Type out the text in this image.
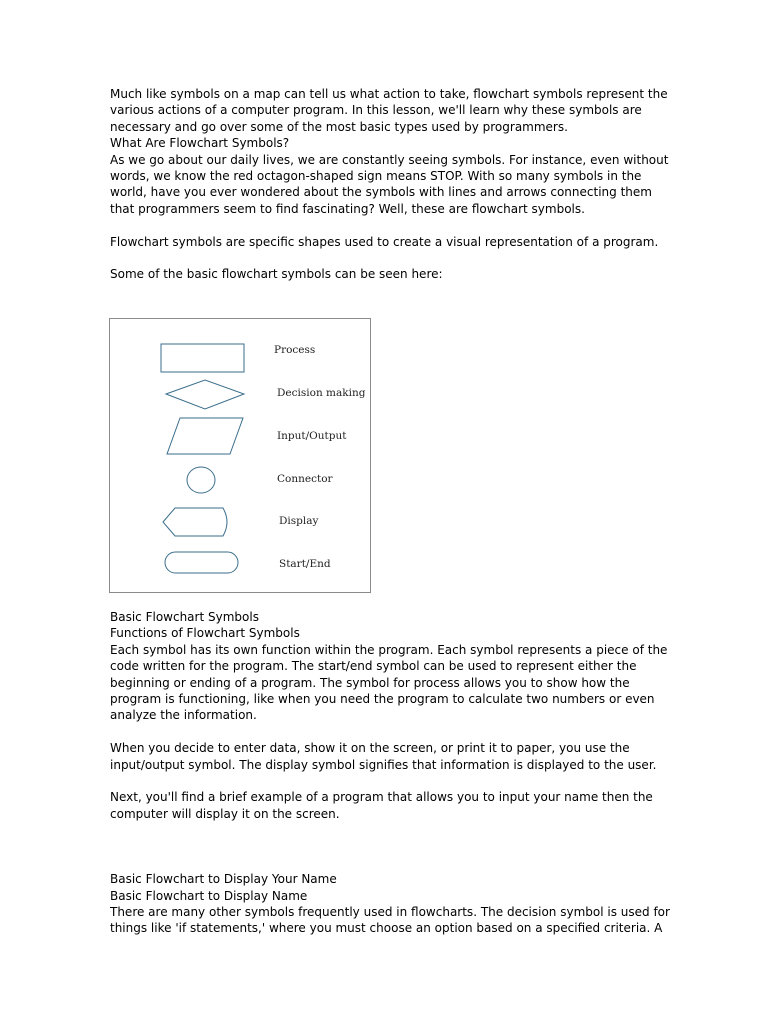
Much like symbols on a map can tell us what action to take, flowchart symbols represent the various actions of a computer program. In this lesson, we'll learn why these symbols are necessary and go over some of the most basic types used by programmers.

What Are Flowchart Symbols?

As we go about our daily lives, we are constantly seeing symbols. For instance, even without words, we know the red octagon-shaped sign means STOP. With so many symbols in the world, have you ever wondered about the symbols with lines and arrows connecting them that programmers seem to find fascinating? Well, these are flowchart symbols.

Flowchart symbols are specific shapes used to create a visual representation of a program.

Some of the basic flowchart symbols can be seen here:

Process
Decision making
Input/Output
Connector
Display
Start/End

Basic Flowchart Symbols

Functions of Flowchart Symbols

Each symbol has its own function within the program. Each symbol represents a piece of the code written for the program. The start/end symbol can be used to represent either the beginning or ending of a program. The symbol for process allows you to show how the program is functioning, like when you need the program to calculate two numbers or even analyze the information.

When you decide to enter data, show it on the screen, or print it to paper, you use the input/output symbol. The display symbol signifies that information is displayed to the user.

Next, you'll find a brief example of a program that allows you to input your name then the computer will display it on the screen.

Basic Flowchart to Display Your Name

Basic Flowchart to Display Name

There are many other symbols frequently used in flowcharts. The decision symbol is used for things like 'if statements,' where you must choose an option based on a specified criteria. A
